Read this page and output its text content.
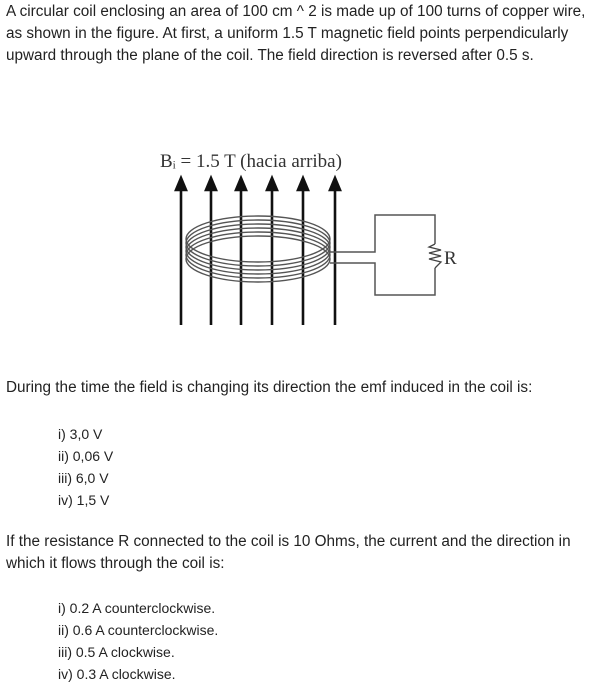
A circular coil enclosing an area of 100 cm ^ 2 is made up of 100 turns of copper wire, as shown in the figure. At first, a uniform 1.5 T magnetic field points perpendicularly upward through the plane of the coil. The field direction is reversed after 0.5 s.

Bᵢ = 1.5 T (hacia arriba)
R

During the time the field is changing its direction the emf induced in the coil is:

i) 3,0 V
ii) 0,06 V
iii) 6,0 V
iv) 1,5 V

If the resistance R connected to the coil is 10 Ohms, the current and the direction in which it flows through the coil is:

i) 0.2 A counterclockwise.
ii) 0.6 A counterclockwise.
iii) 0.5 A clockwise.
iv) 0.3 A clockwise.
